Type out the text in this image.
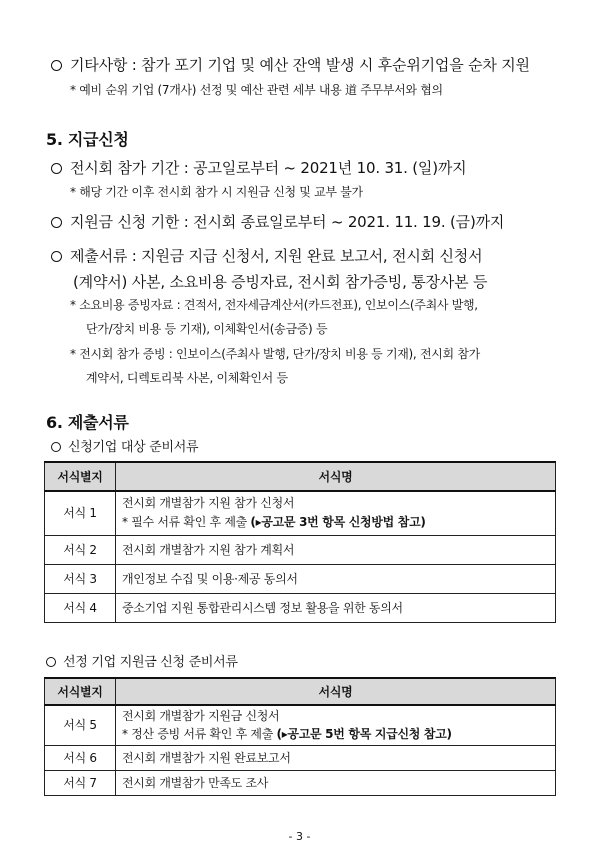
기타사항 : 참가 포기 기업 및 예산 잔액 발생 시 후순위기업을 순차 지원
* 예비 순위 기업 (7개사) 선정 및 예산 관련 세부 내용 道 주무부서와 협의
5. 지급신청
전시회 참가 기간 : 공고일로부터 ~ 2021년 10. 31. (일)까지
* 해당 기간 이후 전시회 참가 시 지원금 신청 및 교부 불가
지원금 신청 기한 : 전시회 종료일로부터 ~ 2021. 11. 19. (금)까지
제출서류 : 지원금 지급 신청서, 지원 완료 보고서, 전시회 신청서
(계약서) 사본, 소요비용 증빙자료, 전시회 참가증빙, 통장사본 등
* 소요비용 증빙자료 : 견적서, 전자세금계산서(카드전표), 인보이스(주최사 발행,
단가/장치 비용 등 기재), 이체확인서(송금증) 등
* 전시회 참가 증빙 : 인보이스(주최사 발행, 단가/장치 비용 등 기재), 전시회 참가
계약서, 디렉토리북 사본, 이체확인서 등
6. 제출서류
신청기업 대상 준비서류
서식별지	서식명
서식 1	전시회 개별참가 지원 참가 신청서
* 필수 서류 확인 후 제출 (▸공고문 3번 항목 신청방법 참고)

서식 2	전시회 개별참가 지원 참가 계획서
서식 3	개인정보 수집 및 이용·제공 동의서
서식 4	중소기업 지원 통합관리시스템 정보 활용을 위한 동의서
선정 기업 지원금 신청 준비서류
서식별지	서식명
서식 5	전시회 개별참가 지원금 신청서
* 정산 증빙 서류 확인 후 제출 (▸공고문 5번 항목 지급신청 참고)

서식 6	전시회 개별참가 지원 완료보고서
서식 7	전시회 개별참가 만족도 조사
- 3 -
